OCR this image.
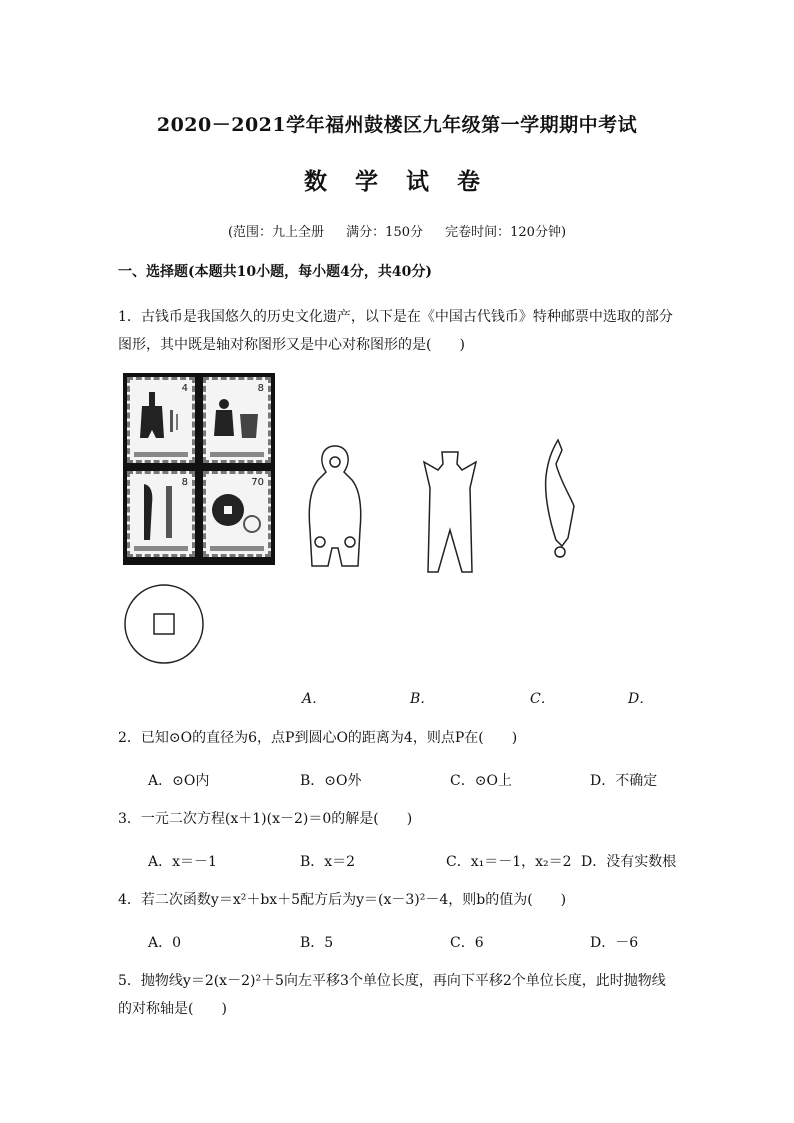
2020－2021学年福州鼓楼区九年级第一学期期中考试
数 学 试 卷
(范围：九上全册 满分：150分 完卷时间：120分钟)
一、选择题(本题共10小题，每小题4分，共40分)
1．古钱币是我国悠久的历史文化遗产，以下是在《中国古代钱币》特种邮票中选取的部分
图形，其中既是轴对称图形又是中心对称图形的是(　　)
4	8
8	70
A．	B．	C．	D．
2．已知⊙O的直径为6，点P到圆心O的距离为4，则点P在(　　)
A．⊙O内	B．⊙O外	C．⊙O上	D．不确定
3．一元二次方程(x＋1)(x－2)＝0的解是(　　)
A．x＝－1	B．x＝2	C．x₁＝－1，x₂＝2 D．没有实数根
4．若二次函数y＝x²＋bx＋5配方后为y＝(x－3)²－4，则b的值为(　　)
A．0	B．5	C．6	D．－6
5．抛物线y＝2(x－2)²＋5向左平移3个单位长度，再向下平移2个单位长度，此时抛物线
的对称轴是(　　)
